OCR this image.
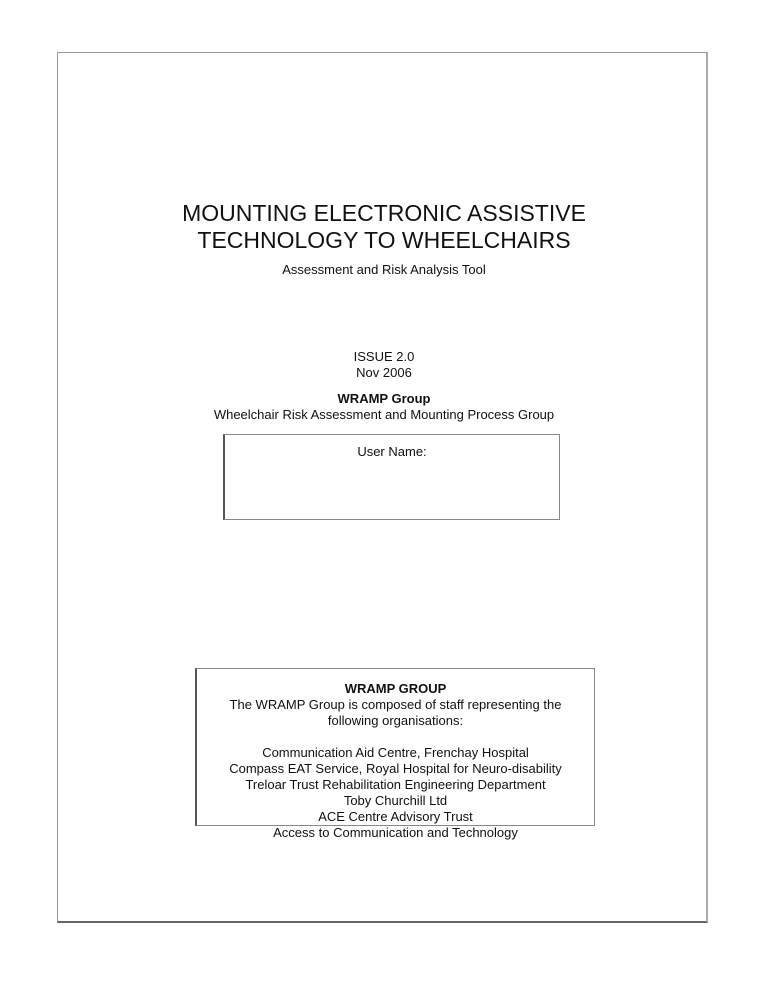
MOUNTING ELECTRONIC ASSISTIVE
TECHNOLOGY TO WHEELCHAIRS
Assessment and Risk Analysis Tool
ISSUE 2.0
Nov 2006
WRAMP Group
Wheelchair Risk Assessment and Mounting Process Group
User Name:
WRAMP GROUP
The WRAMP Group is composed of staff representing the
following organisations:
Communication Aid Centre, Frenchay Hospital
Compass EAT Service, Royal Hospital for Neuro-disability
Treloar Trust Rehabilitation Engineering Department
Toby Churchill Ltd
ACE Centre Advisory Trust
Access to Communication and Technology
